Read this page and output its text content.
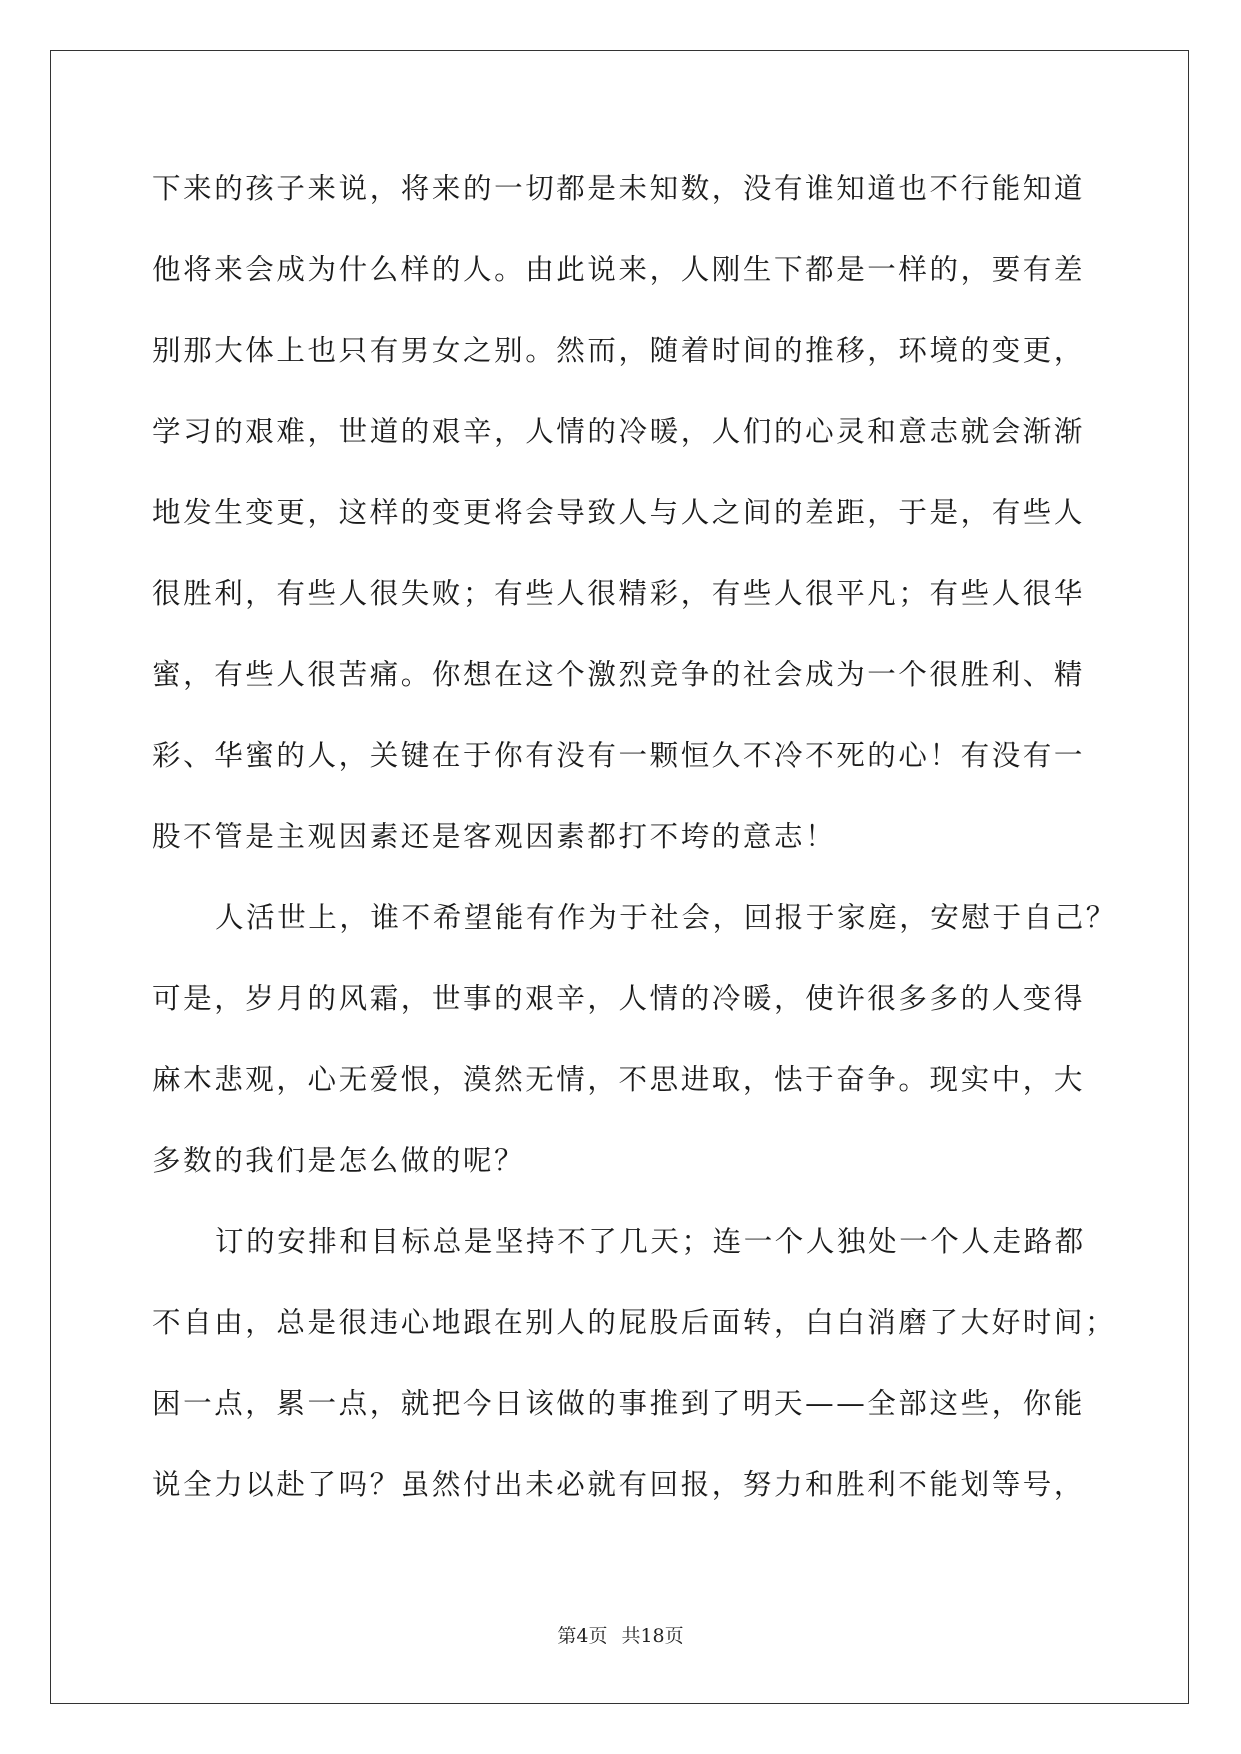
下来的孩子来说，将来的一切都是未知数，没有谁知道也不行能知道
他将来会成为什么样的人。由此说来，人刚生下都是一样的，要有差
别那大体上也只有男女之别。然而，随着时间的推移，环境的变更，
学习的艰难，世道的艰辛，人情的冷暖，人们的心灵和意志就会渐渐
地发生变更，这样的变更将会导致人与人之间的差距，于是，有些人
很胜利，有些人很失败；有些人很精彩，有些人很平凡；有些人很华
蜜，有些人很苦痛。你想在这个激烈竞争的社会成为一个很胜利、精
彩、华蜜的人，关键在于你有没有一颗恒久不冷不死的心！有没有一
股不管是主观因素还是客观因素都打不垮的意志！
人活世上，谁不希望能有作为于社会，回报于家庭，安慰于自己？
可是，岁月的风霜，世事的艰辛，人情的冷暖，使许很多多的人变得
麻木悲观，心无爱恨，漠然无情，不思进取，怯于奋争。现实中，大
多数的我们是怎么做的呢？
订的安排和目标总是坚持不了几天；连一个人独处一个人走路都
不自由，总是很违心地跟在别人的屁股后面转，白白消磨了大好时间；
困一点，累一点，就把今日该做的事推到了明天——全部这些，你能
说全力以赴了吗？虽然付出未必就有回报，努力和胜利不能划等号，
第4页 共18页
